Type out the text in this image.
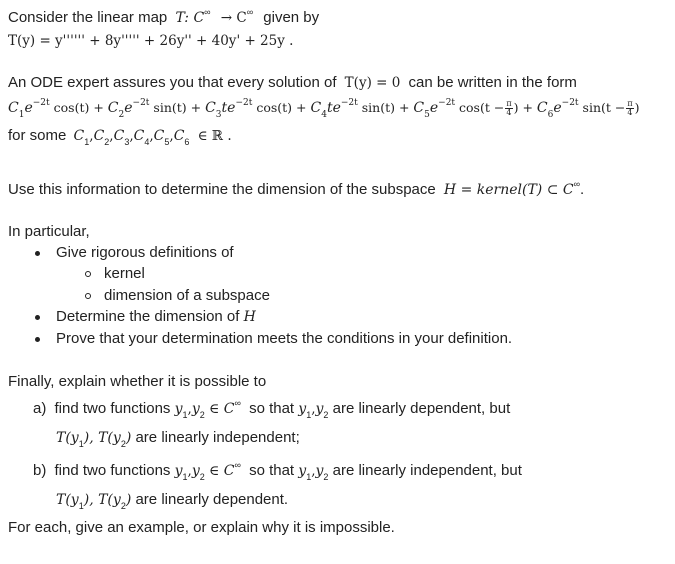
Consider the linear map T: C∞ → C∞ given by
T(y) = y'''''' + 8y''''' + 26y'' + 40y' + 25y .
An ODE expert assures you that every solution of T(y) = 0 can be written in the form
$C_1e^{-2t}$ $\cos(t) + C_2e^{-2t}$ $\sin(t) + C_3te^{-2t}$ $\cos(t) + C_4te^{-2t}$ $\sin(t) + C_5e^{-2t}$ $\cos(t - \frac{\pi}{4}$ ) + $C_6e^{-2t}$ $\sin(t - \frac{\pi}{4}$ )
for some $C_1,C_2,C_3,C_4,C_5,C_6$ ∈ ℝ .
Use this information to determine the dimension of the subspace H = kernel(T) ⊂ C∞.
In particular,
Give rigorous definitions of
kernel
dimension of a subspace
Determine the dimension of H
Prove that your determination meets the conditions in your definition.
Finally, explain whether it is possible to
a) find two functions $y_1,y_2$ ∈ C∞ so that $y_1,y_2$ are linearly dependent, but
$T(y_1)$, $T(y_2)$ are linearly independent;
b) find two functions $y_1,y_2$ ∈ C∞ so that $y_1,y_2$ are linearly independent, but
$T(y_1)$, $T(y_2)$ are linearly dependent.
For each, give an example, or explain why it is impossible.
